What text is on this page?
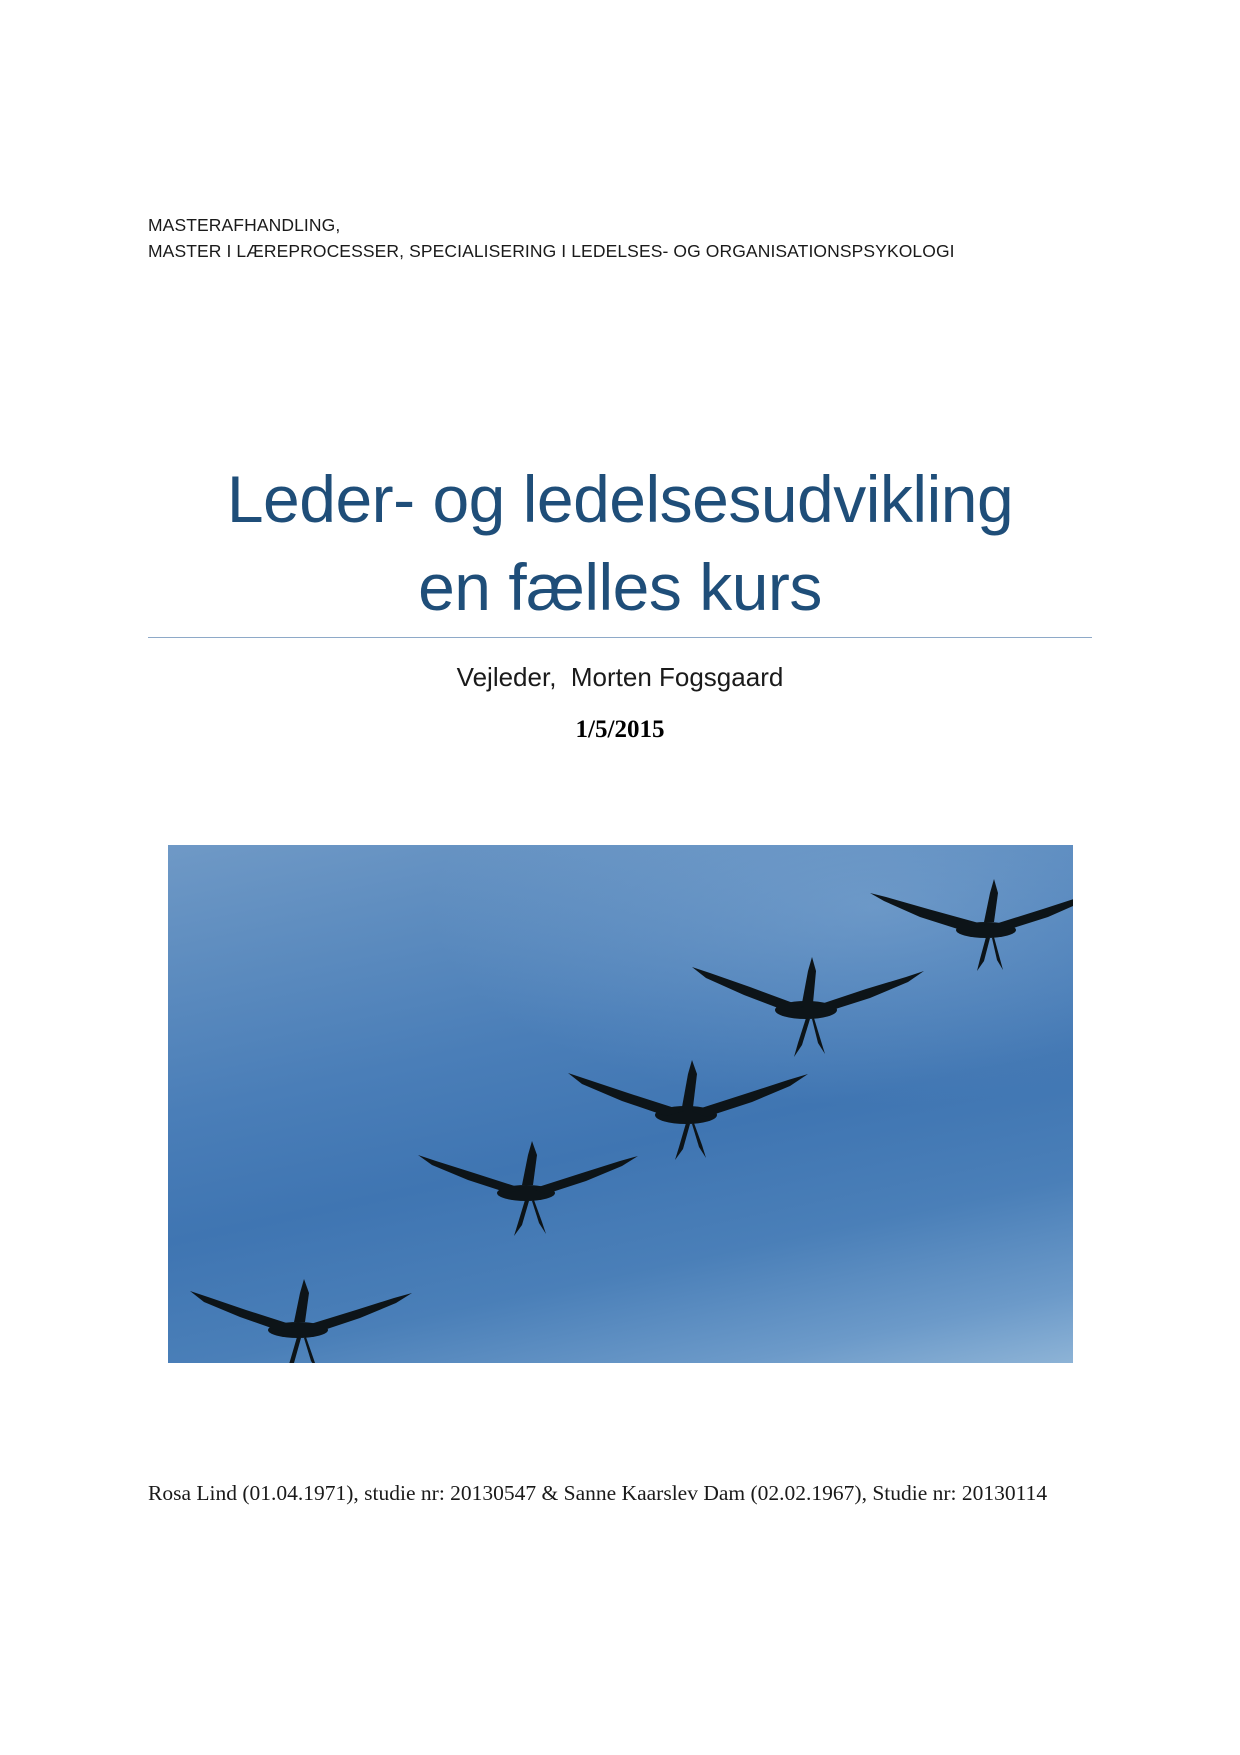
MASTERAFHANDLING,
MASTER I LÆREPROCESSER, SPECIALISERING I LEDELSES- OG ORGANISATIONSPSYKOLOGI
Leder- og ledelsesudvikling
en fælles kurs
Vejleder,  Morten Fogsgaard
1/5/2015
Rosa Lind (01.04.1971), studie nr: 20130547 & Sanne Kaarslev Dam (02.02.1967), Studie nr: 20130114
